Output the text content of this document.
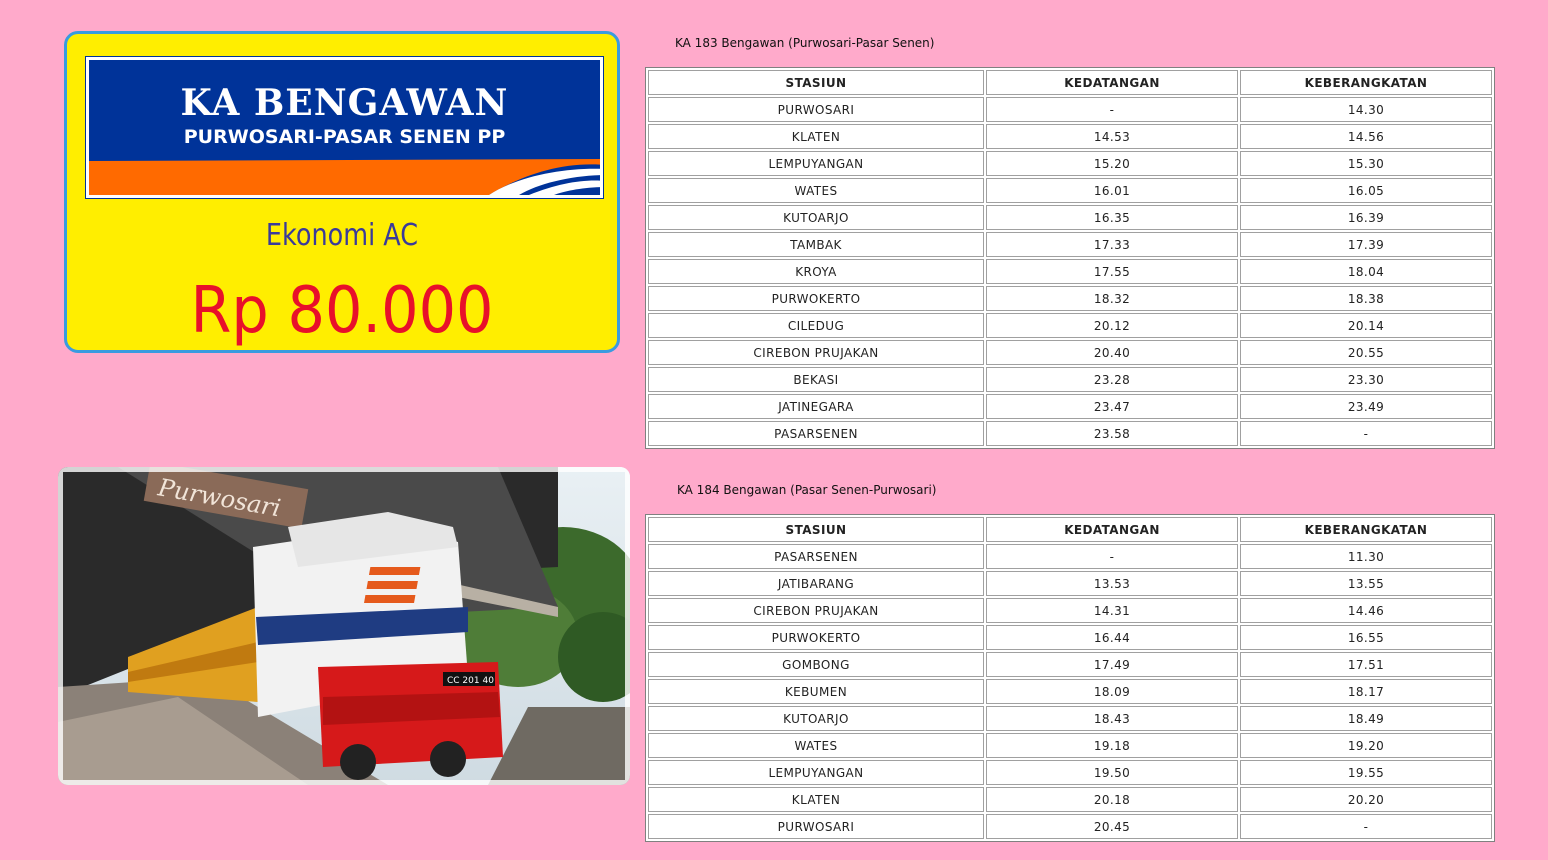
KA BENGAWAN
PURWOSARI-PASAR SENEN PP
Ekonomi AC
Rp 80.000
Purwosari
CC 201 40
KA 183 Bengawan (Purwosari-Pasar Senen)
STASIUN	KEDATANGAN	KEBERANGKATAN
PURWOSARI	-	14.30
KLATEN	14.53	14.56
LEMPUYANGAN	15.20	15.30
WATES	16.01	16.05
KUTOARJO	16.35	16.39
TAMBAK	17.33	17.39
KROYA	17.55	18.04
PURWOKERTO	18.32	18.38
CILEDUG	20.12	20.14
CIREBON PRUJAKAN	20.40	20.55
BEKASI	23.28	23.30
JATINEGARA	23.47	23.49
PASARSENEN	23.58	-
KA 184 Bengawan (Pasar Senen-Purwosari)
STASIUN	KEDATANGAN	KEBERANGKATAN
PASARSENEN	-	11.30
JATIBARANG	13.53	13.55
CIREBON PRUJAKAN	14.31	14.46
PURWOKERTO	16.44	16.55
GOMBONG	17.49	17.51
KEBUMEN	18.09	18.17
KUTOARJO	18.43	18.49
WATES	19.18	19.20
LEMPUYANGAN	19.50	19.55
KLATEN	20.18	20.20
PURWOSARI	20.45	-
